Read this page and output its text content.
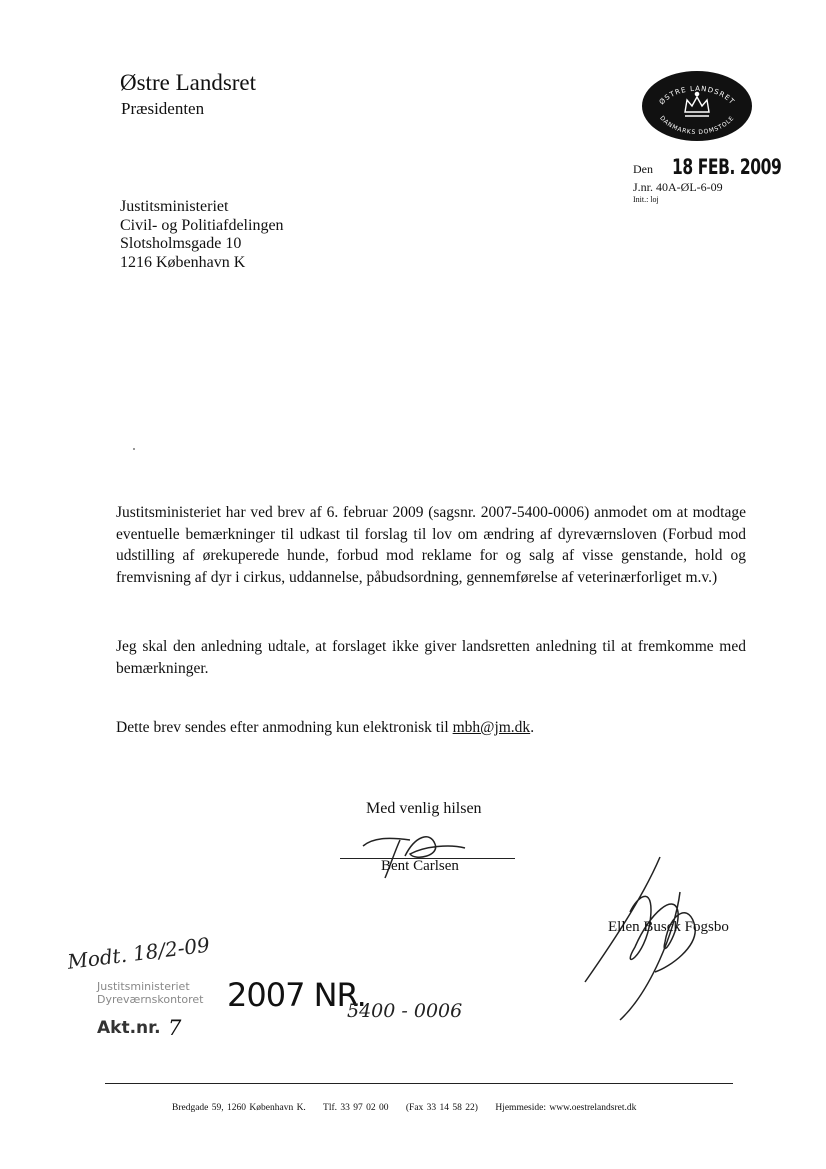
Østre Landsret
Præsidenten	ØSTRE LANDSRET
DANMARKS DOMSTOLE
Den 18 FEB. 2009
J.nr. 40A-ØL-6-09
Init.: loj
Justitsministeriet
Civil- og Politiafdelingen
Slotsholmsgade 10
1216 København K
Justitsministeriet har ved brev af 6. februar 2009 (sagsnr. 2007-5400-0006) anmodet om at modtage eventuelle bemærkninger til udkast til forslag til lov om ændring af dyreværnsloven (Forbud mod udstilling af ørekuperede hunde, forbud mod reklame for og salg af visse genstande, hold og fremvisning af dyr i cirkus, uddannelse, påbudsordning, gennemførelse af veterinærforliget m.v.)
Jeg skal den anledning udtale, at forslaget ikke giver landsretten anledning til at fremkomme med bemærkninger.
Dette brev sendes efter anmodning kun elektronisk til mbh@jm.dk.
Med venlig hilsen
Bent Carlsen
Ellen Busck Fogsbo
Modt. 18/2-09
Justitsministeriet
Dyreværnskontoret 2007 NR.
5400 - 0006
Akt.nr. 7
Bredgade 59, 1260 København K. Tlf. 33 97 02 00 (Fax 33 14 58 22) Hjemmeside: www.oestrelandsret.dk
